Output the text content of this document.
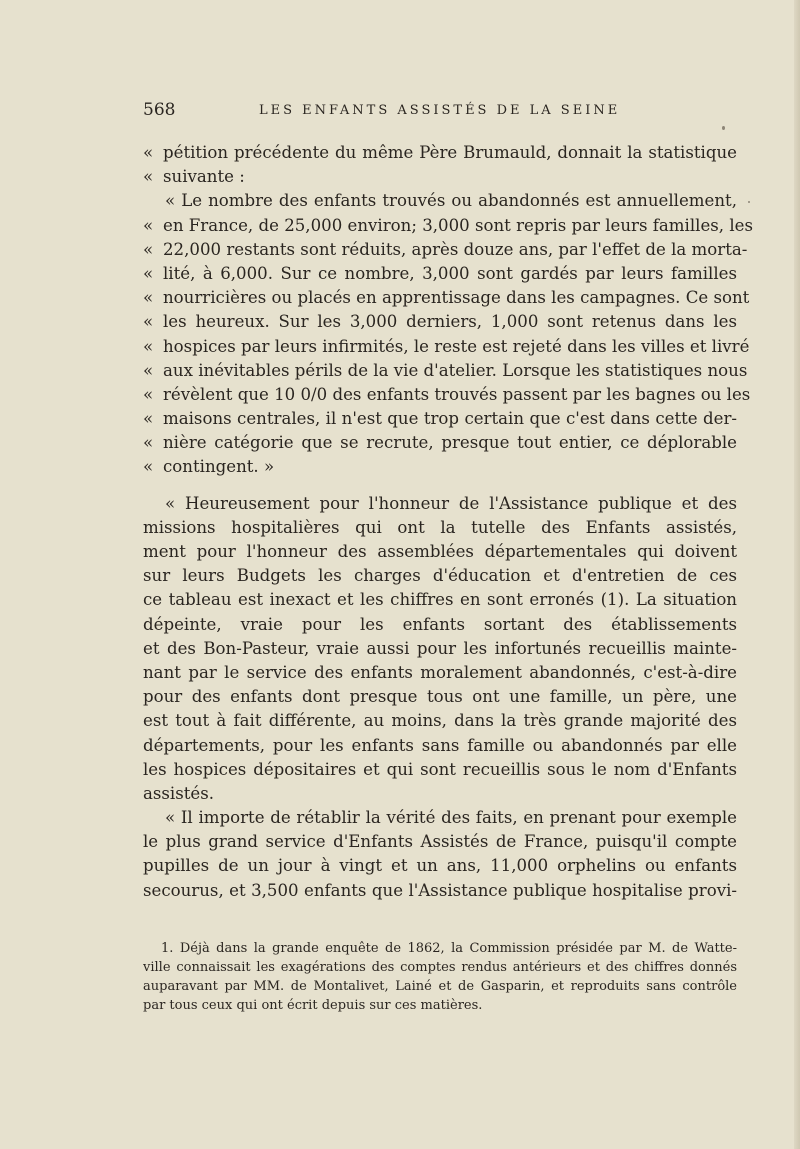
568	LES ENFANTS ASSISTÉS DE LA SEINE
« pétition précédente du même Père Brumauld, donnait la statistique
« suivante :
« Le nombre des enfants trouvés ou abandonnés est annuellement,
« en France, de 25,000 environ; 3,000 sont repris par leurs familles, les
« 22,000 restants sont réduits, après douze ans, par l'effet de la morta-
« lité, à 6,000. Sur ce nombre, 3,000 sont gardés par leurs familles
« nourricières ou placés en apprentissage dans les campagnes. Ce sont
« les heureux. Sur les 3,000 derniers, 1,000 sont retenus dans les
« hospices par leurs infirmités, le reste est rejeté dans les villes et livré
« aux inévitables périls de la vie d'atelier. Lorsque les statistiques nous
« révèlent que 10 0/0 des enfants trouvés passent par les bagnes ou les
« maisons centrales, il n'est que trop certain que c'est dans cette der-
« nière catégorie que se recrute, presque tout entier, ce déplorable
« contingent. »
« Heureusement pour l'honneur de l'Assistance publique et des
missions hospitalières qui ont la tutelle des Enfants assistés,
ment pour l'honneur des assemblées départementales qui doivent
sur leurs Budgets les charges d'éducation et d'entretien de ces
ce tableau est inexact et les chiffres en sont erronés (1). La situation
dépeinte, vraie pour les enfants sortant des établissements
et des Bon-Pasteur, vraie aussi pour les infortunés recueillis mainte-
nant par le service des enfants moralement abandonnés, c'est-à-dire
pour des enfants dont presque tous ont une famille, un père, une
est tout à fait différente, au moins, dans la très grande majorité des
départements, pour les enfants sans famille ou abandonnés par elle
les hospices dépositaires et qui sont recueillis sous le nom d'Enfants
assistés.
« Il importe de rétablir la vérité des faits, en prenant pour exemple
le plus grand service d'Enfants Assistés de France, puisqu'il compte
pupilles de un jour à vingt et un ans, 11,000 orphelins ou enfants
secourus, et 3,500 enfants que l'Assistance publique hospitalise provi-
1. Déjà dans la grande enquête de 1862, la Commission présidée par M. de Watte-
ville connaissait les exagérations des comptes rendus antérieurs et des chiffres donnés
auparavant par MM. de Montalivet, Lainé et de Gasparin, et reproduits sans contrôle
par tous ceux qui ont écrit depuis sur ces matières.
